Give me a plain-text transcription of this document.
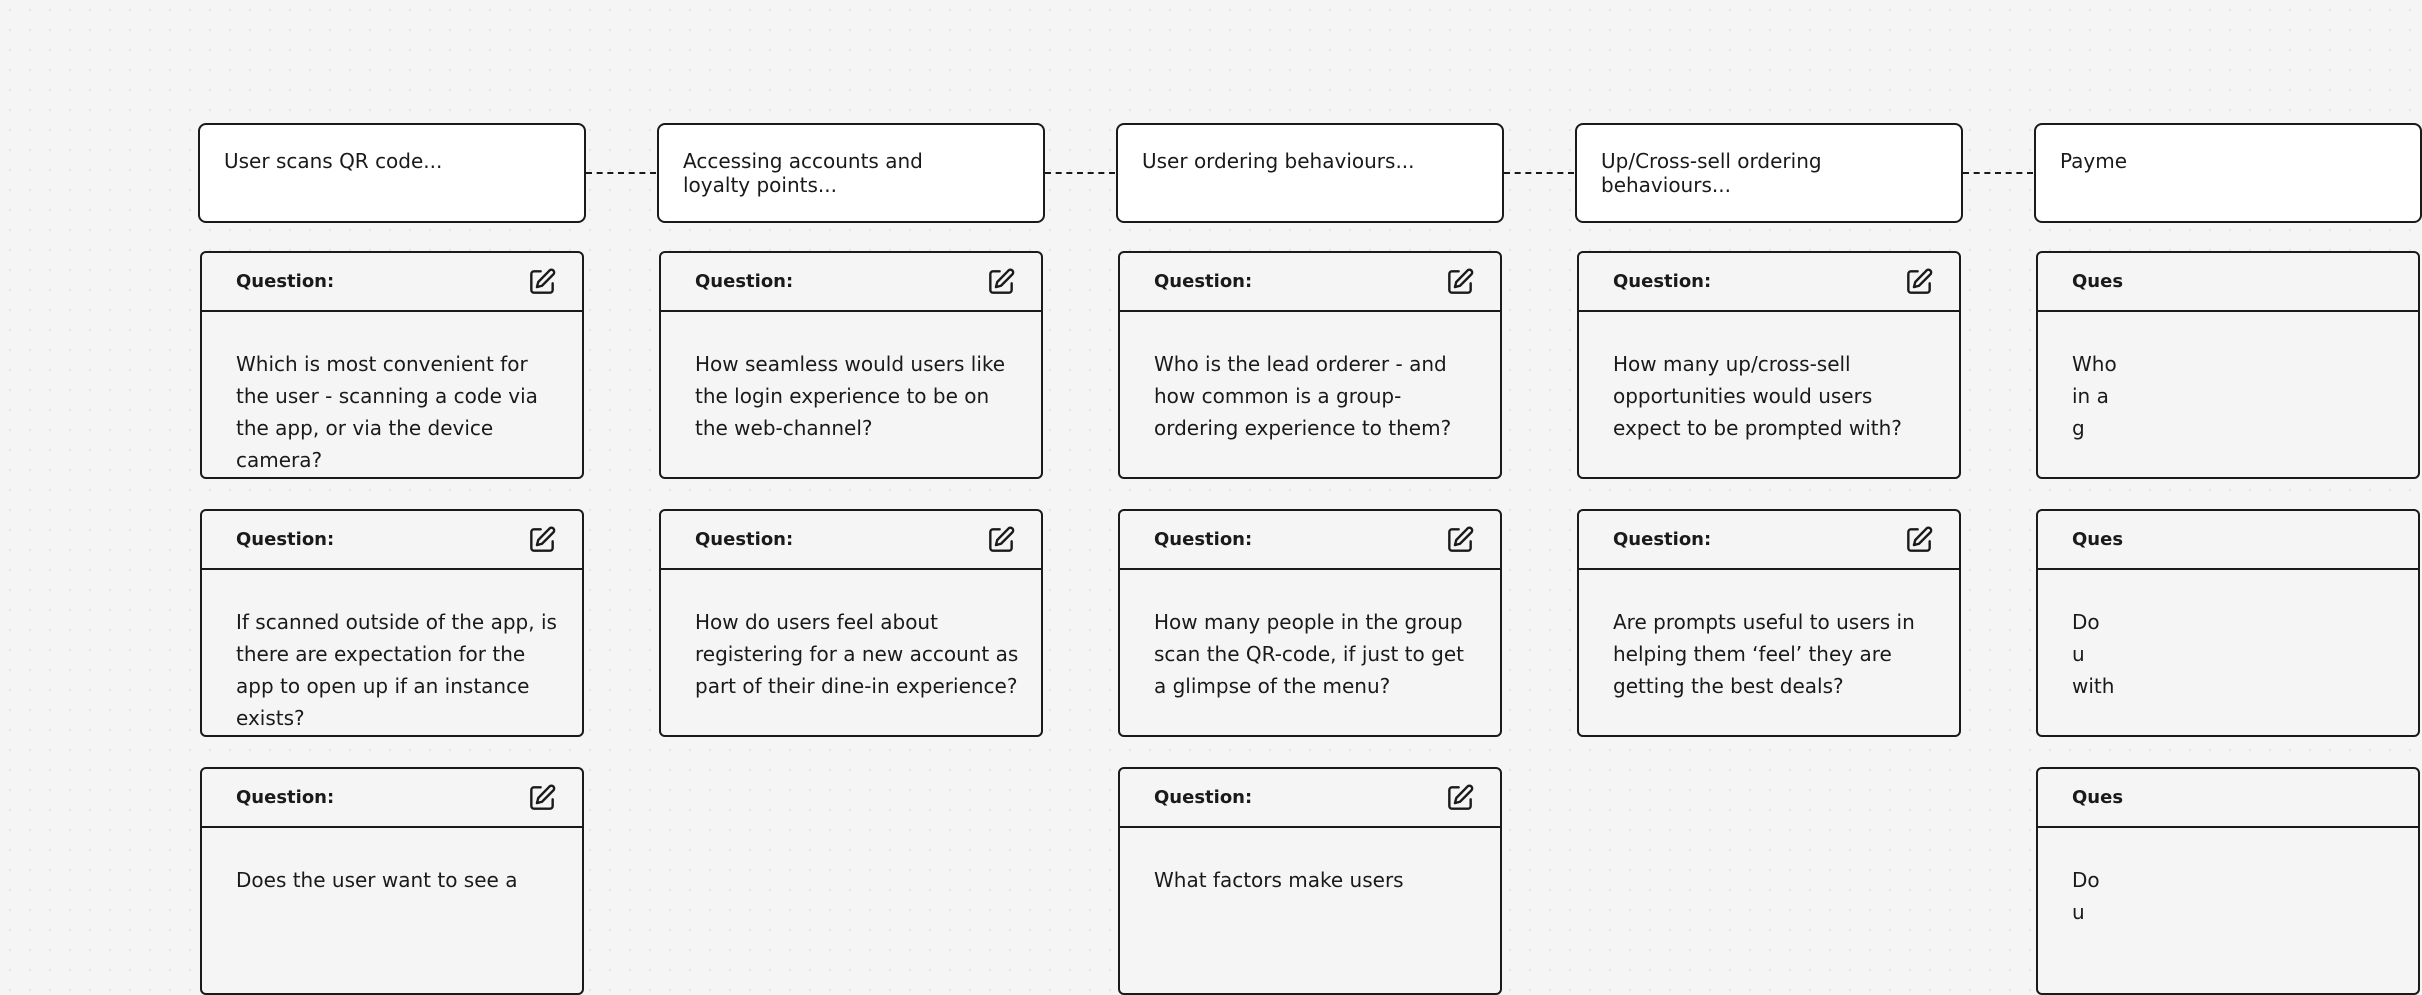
User scans QR code...
Question:
Which is most convenient for the user - scanning a code via the app, or via the device camera?
Question:
If scanned outside of the app, is there are expectation for the app to open up if an instance exists?
Question:
Does the user want to see a
Accessing accounts and loyalty points...
Question:
How seamless would users like the login experience to be on the web-channel?
Question:
How do users feel about registering for a new account as part of their dine-in experience?
User ordering behaviours...
Question:
Who is the lead orderer - and how common is a group-ordering experience to them?
Question:
How many people in the group scan the QR-code, if just to get a glimpse of the menu?
Question:
What factors make users
Up/Cross-sell ordering behaviours...
Question:
How many up/cross-sell opportunities would users expect to be prompted with?
Question:
Are prompts useful to users in helping them ‘feel’ they are getting the best deals?
Payme
Ques
Who in a g
Ques
Do u with
Ques
Do u
